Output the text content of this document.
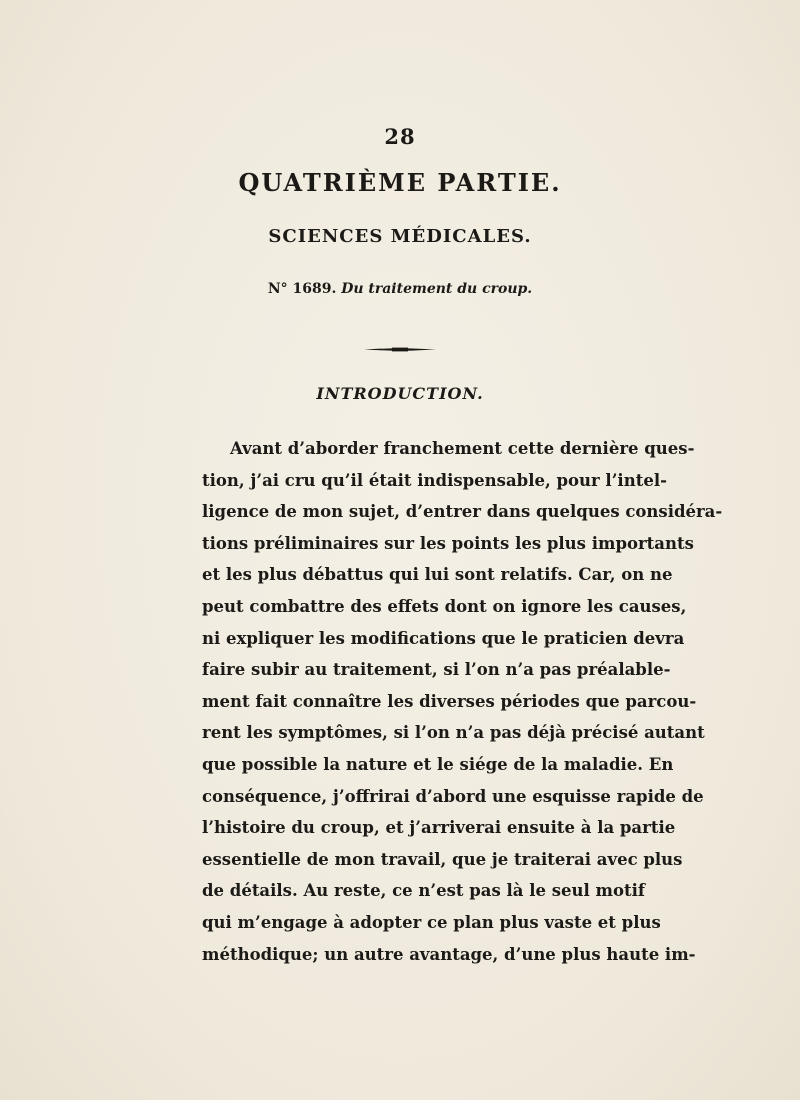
28
QUATRIÈME PARTIE.
SCIENCES MÉDICALES.
N° 1689. Du traitement du croup.
INTRODUCTION.
Avant d’aborder franchement cette dernière ques-
tion, j’ai cru qu’il était indispensable, pour l’intel-
ligence de mon sujet, d’entrer dans quelques considéra-
tions préliminaires sur les points les plus importants
et les plus débattus qui lui sont relatifs. Car, on ne
peut combattre des effets dont on ignore les causes,
ni expliquer les modifications que le praticien devra
faire subir au traitement, si l’on n’a pas préalable-
ment fait connaître les diverses périodes que parcou-
rent les symptômes, si l’on n’a pas déjà précisé autant
que possible la nature et le siége de la maladie. En
conséquence, j’offrirai d’abord une esquisse rapide de
l’histoire du croup, et j’arriverai ensuite à la partie
essentielle de mon travail, que je traiterai avec plus
de détails. Au reste, ce n’est pas là le seul motif
qui m’engage à adopter ce plan plus vaste et plus
méthodique; un autre avantage, d’une plus haute im-
